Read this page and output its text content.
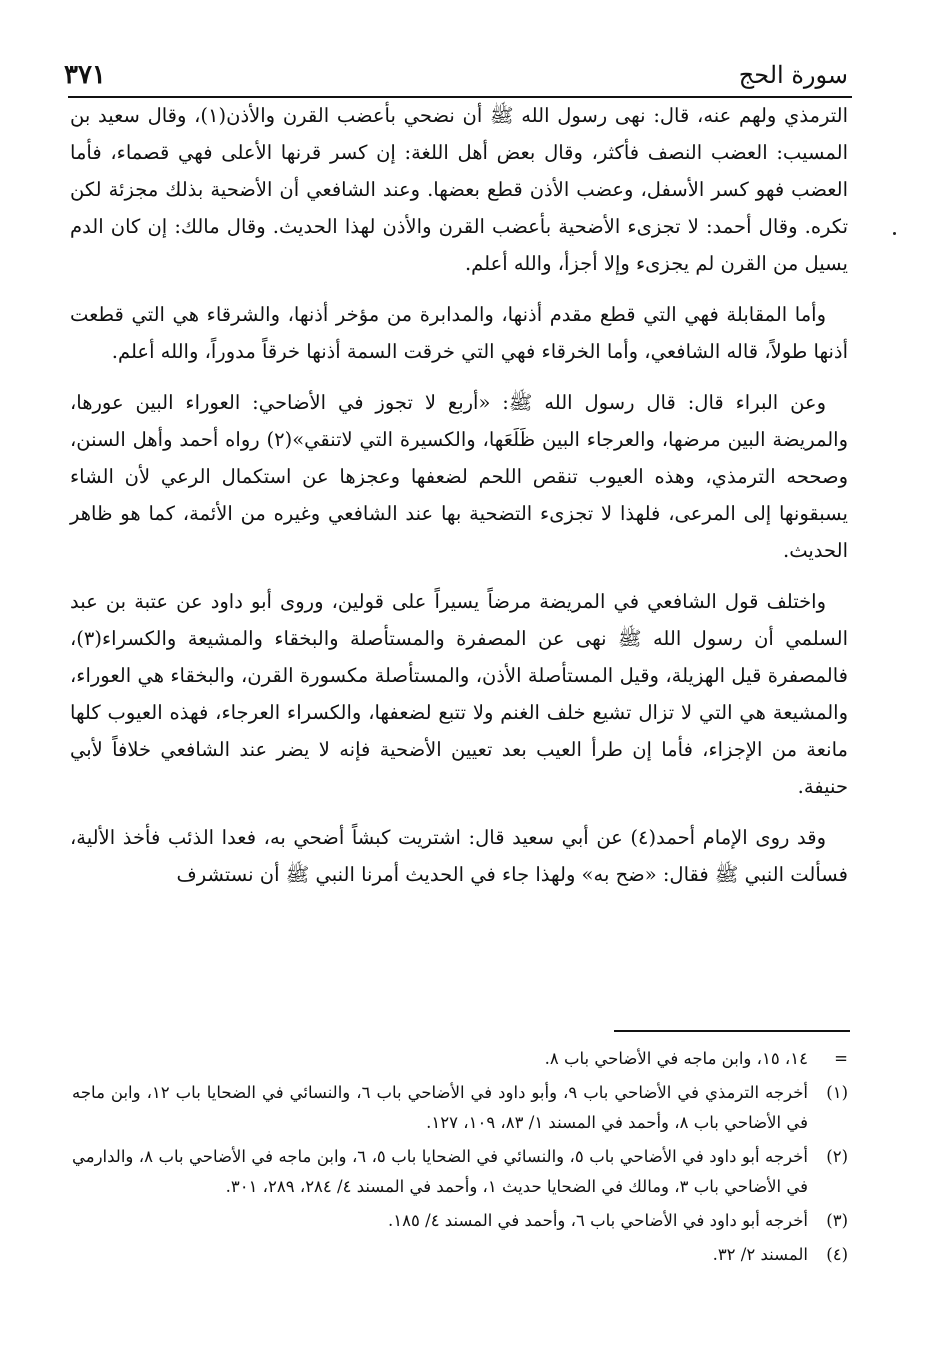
سورة الحج
٣٧١

الترمذي ولهم عنه، قال: نهى رسول الله ﷺ أن نضحي بأعضب القرن والأذن(١)، وقال سعيد بن المسيب: العضب النصف فأكثر، وقال بعض أهل اللغة: إن كسر قرنها الأعلى فهي قصماء، فأما العضب فهو كسر الأسفل، وعضب الأذن قطع بعضها. وعند الشافعي أن الأضحية بذلك مجزئة لكن تكره. وقال أحمد: لا تجزىء الأضحية بأعضب القرن والأذن لهذا الحديث. وقال مالك: إن كان الدم يسيل من القرن لم يجزىء وإلا أجزأ، والله أعلم.

وأما المقابلة فهي التي قطع مقدم أذنها، والمدابرة من مؤخر أذنها، والشرقاء هي التي قطعت أذنها طولاً، قاله الشافعي، وأما الخرقاء فهي التي خرقت السمة أذنها خرقاً مدوراً، والله أعلم.

وعن البراء قال: قال رسول الله ﷺ: «أربع لا تجوز في الأضاحي: العوراء البين عورها، والمريضة البين مرضها، والعرجاء البين ظَلَعَها، والكسيرة التي لاتنقي»(٢) رواه أحمد وأهل السنن، وصححه الترمذي، وهذه العيوب تنقص اللحم لضعفها وعجزها عن استكمال الرعي لأن الشاء يسبقونها إلى المرعى، فلهذا لا تجزىء التضحية بها عند الشافعي وغيره من الأئمة، كما هو ظاهر الحديث.

واختلف قول الشافعي في المريضة مرضاً يسيراً على قولين، وروى أبو داود عن عتبة بن عبد السلمي أن رسول الله ﷺ نهى عن المصفرة والمستأصلة والبخقاء والمشيعة والكسراء(٣)، فالمصفرة قيل الهزيلة، وقيل المستأصلة الأذن، والمستأصلة مكسورة القرن، والبخقاء هي العوراء، والمشيعة هي التي لا تزال تشيع خلف الغنم ولا تتبع لضعفها، والكسراء العرجاء، فهذه العيوب كلها مانعة من الإجزاء، فأما إن طرأ العيب بعد تعيين الأضحية فإنه لا يضر عند الشافعي خلافاً لأبي حنيفة.

وقد روى الإمام أحمد(٤) عن أبي سعيد قال: اشتريت كبشاً أضحي به، فعدا الذئب فأخذ الألية، فسألت النبي ﷺ فقال: «ضح به» ولهذا جاء في الحديث أمرنا النبي ﷺ أن نستشرف

=
١٤، ١٥، وابن ماجه في الأضاحي باب ٨.
(١)
أخرجه الترمذي في الأضاحي باب ٩، وأبو داود في الأضاحي باب ٦، والنسائي في الضحايا باب ١٢، وابن ماجه في الأضاحي باب ٨، وأحمد في المسند ١/ ٨٣، ١٠٩، ١٢٧.
(٢)
أخرجه أبو داود في الأضاحي باب ٥، والنسائي في الضحايا باب ٥، ٦، وابن ماجه في الأضاحي باب ٨، والدارمي في الأضاحي باب ٣، ومالك في الضحايا حديث ١، وأحمد في المسند ٤/ ٢٨٤، ٢٨٩، ٣٠١.
(٣)
أخرجه أبو داود في الأضاحي باب ٦، وأحمد في المسند ٤/ ١٨٥.
(٤)
المسند ٢/ ٣٢.
